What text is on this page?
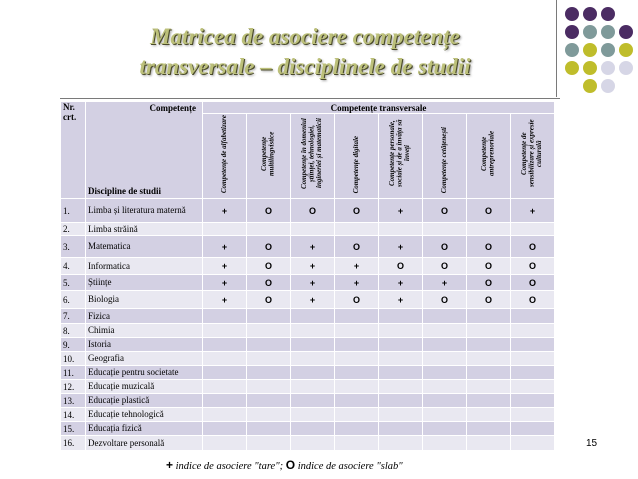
Matricea de asociere competențe
transversale – disciplinele de studii
Nr. crt.	Competențe
Discipline de studii	Competențe transversale							
		Competențe de alfabetizare	Competențe multilingvistice	Competențe în domeniul științei, tehnologiei, ingineriei și matematicii	Competențe digitale	Competențe personale, sociale și de a învăța să înveți	Competențe cetățenești	Competențe antreprenoriale	Competențe de sensibilizare și expresie culturală
1.	Limba și literatura maternă	+	O	O	O	+	O	O	+
2.	Limba străină								
3.	Matematica	+	O	+	O	+	O	O	O
4.	Informatica	+	O	+	+	O	O	O	O
5.	Științe	+	O	+	+	+	+	O	O
6.	Biologia	+	O	+	O	+	O	O	O
7.	Fizica								
8.	Chimia								
9.	Istoria								
10.	Geografia								
11.	Educație pentru societate								
12.	Educație muzicală								
13.	Educație plastică								
14.	Educație tehnologică								
15.	Educația fizică								
16.	Dezvoltare personală									15
+ indice de asociere "tare"; O indice de asociere "slab"
